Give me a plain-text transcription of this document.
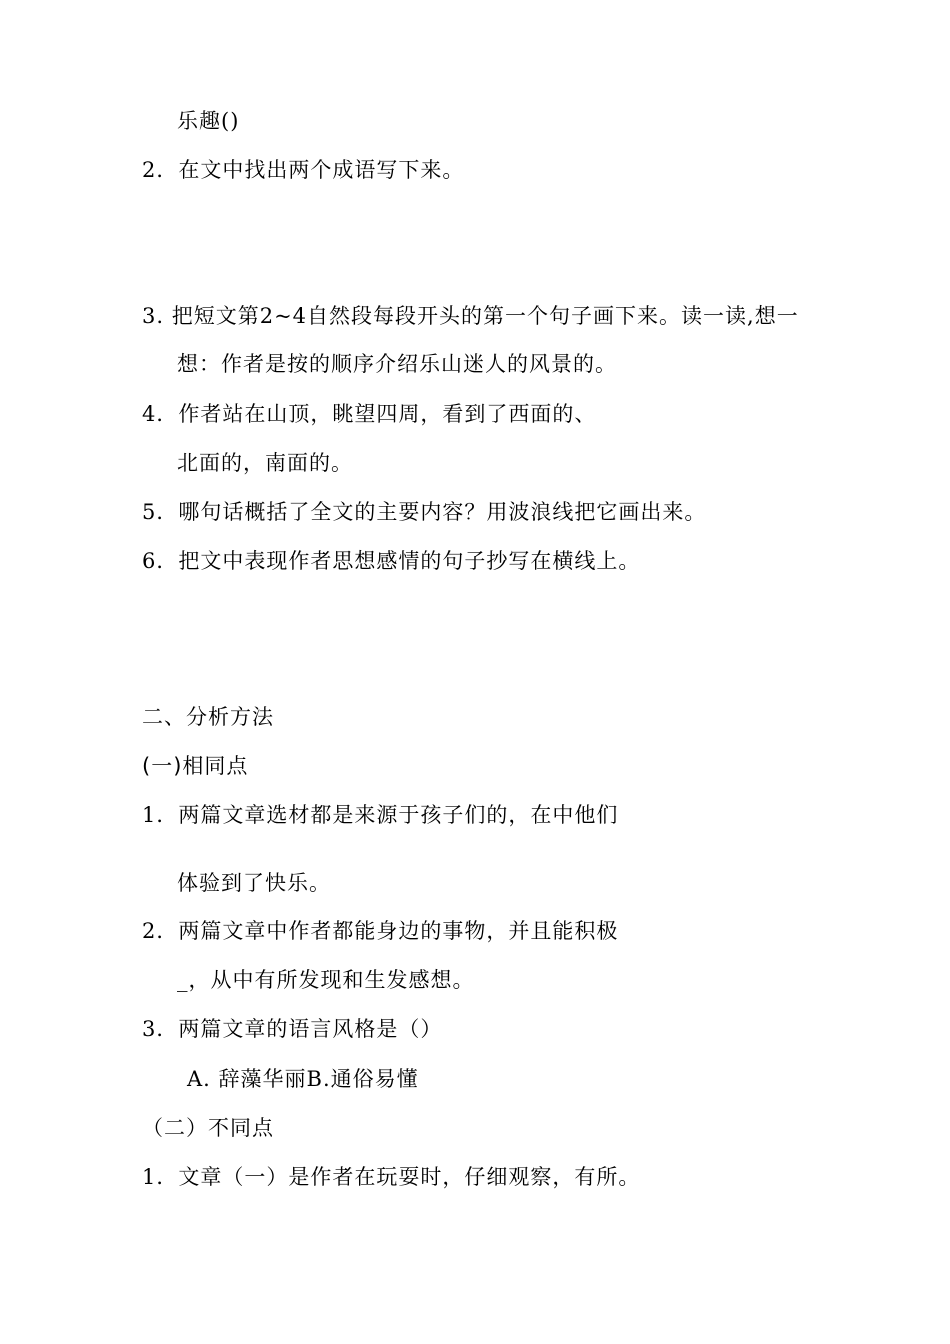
乐趣()
2．在文中找出两个成语写下来。
3. 把短文第2~4自然段每段开头的第一个句子画下来。读一读,想一
想：作者是按的顺序介绍乐山迷人的风景的。
4．作者站在山顶，眺望四周，看到了西面的、
北面的，南面的。
5．哪句话概括了全文的主要内容？用波浪线把它画出来。
6．把文中表现作者思想感情的句子抄写在横线上。
二、分析方法
(一)相同点
1．两篇文章选材都是来源于孩子们的，在中他们
体验到了快乐。
2．两篇文章中作者都能身边的事物，并且能积极
_，从中有所发现和生发感想。
3．两篇文章的语言风格是（）
A. 辞藻华丽B.通俗易懂
（二）不同点
1．文章（一）是作者在玩耍时，仔细观察，有所。
